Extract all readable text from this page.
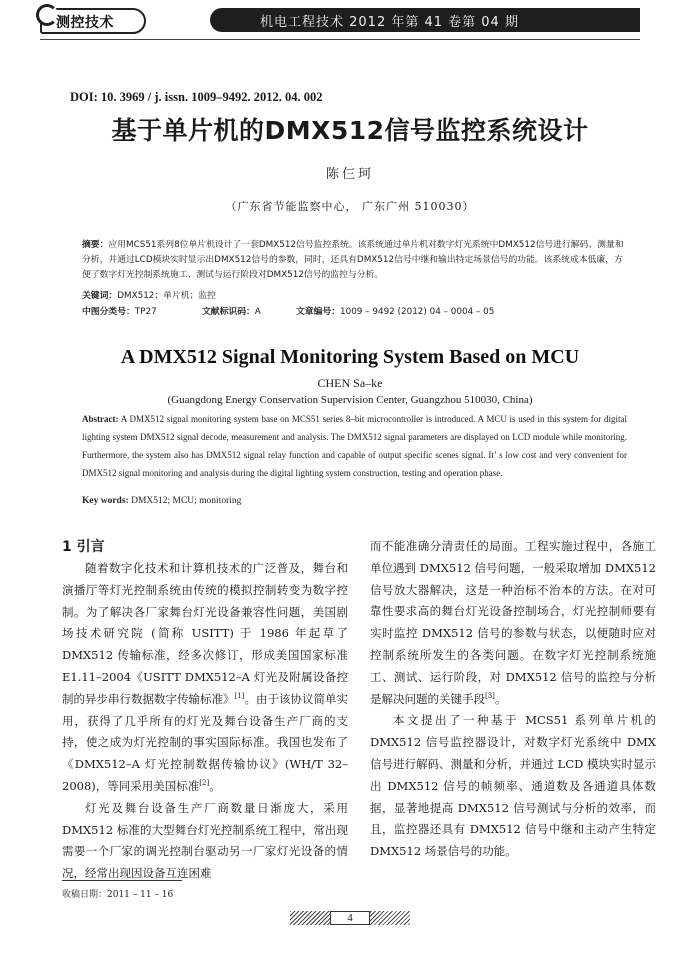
测控技术	机电工程技术 2012 年第 41 卷第 04 期
DOI: 10. 3969 / j. issn. 1009–9492. 2012. 04. 002
基于单片机的DMX512信号监控系统设计
陈仨珂
（广东省节能监察中心， 广东广州 510030）
摘要：应用MCS51系列8位单片机设计了一套DMX512信号监控系统。该系统通过单片机对数字灯光系统中DMX512信号进行解码、测量和分析，并通过LCD模块实时显示出DMX512信号的参数，同时，还具有DMX512信号中继和输出特定场景信号的功能。该系统成本低廉，方便了数字灯光控制系统施工、测试与运行阶段对DMX512信号的监控与分析。
关键词：DMX512；单片机；监控
中图分类号：TP27	文献标识码：A	文章编号：1009 – 9492 (2012) 04 – 0004 – 05
A DMX512 Signal Monitoring System Based on MCU
CHEN Sa–ke
(Guangdong Energy Conservation Supervision Center, Guangzhou 510030, China)
Abstract: A DMX512 signal monitoring system base on MCS51 series 8–bit microcontroller is introduced. A MCU is used in this system for digital lighting system DMX512 signal decode, measurement and analysis. The DMX512 signal parameters are displayed on LCD module while monitoring. Furthermore, the system also has DMX512 signal relay function and capable of output specific scenes signal. It’ s low cost and very convenient for DMX512 signal monitoring and analysis during the digital lighting system construction, testing and operation phase.
Key words: DMX512; MCU; monitoring
1 引言
随着数字化技术和计算机技术的广泛普及，舞台和演播厅等灯光控制系统由传统的模拟控制转变为数字控制。为了解决各厂家舞台灯光设备兼容性问题，美国剧场技术研究院 (简称 USITT) 于 1986 年起草了 DMX512 传输标准，经多次修订，形成美国国家标准 E1.11–2004《USITT DMX512–A 灯光及附属设备控制的异步串行数据数字传输标准》[1]。由于该协议简单实用，获得了几乎所有的灯光及舞台设备生产厂商的支持，使之成为灯光控制的事实国际标准。我国也发布了《DMX512–A 灯光控制数据传输协议》(WH/T 32–2008)，等同采用美国标准[2]。
灯光及舞台设备生产厂商数量日渐庞大，采用 DMX512 标准的大型舞台灯光控制系统工程中，常出现需要一个厂家的调光控制台驱动另一厂家灯光设备的情况，经常出现因设备互连困难
而不能准确分清责任的局面。工程实施过程中，各施工单位遇到 DMX512 信号问题，一般采取增加 DMX512 信号放大器解决，这是一种治标不治本的方法。在对可靠性要求高的舞台灯光设备控制场合，灯光控制师要有实时监控 DMX512 信号的参数与状态，以便随时应对控制系统所发生的各类问题。在数字灯光控制系统施工、测试、运行阶段，对 DMX512 信号的监控与分析是解决问题的关键手段[3]。
本文提出了一种基于 MCS51 系列单片机的 DMX512 信号监控器设计，对数字灯光系统中 DMX 信号进行解码、测量和分析，并通过 LCD 模块实时显示出 DMX512 信号的帧频率、通道数及各通道具体数据，显著地提高 DMX512 信号测试与分析的效率，而且，监控器还具有 DMX512 信号中继和主动产生特定 DMX512 场景信号的功能。
收稿日期：2011 – 11 – 16
4
